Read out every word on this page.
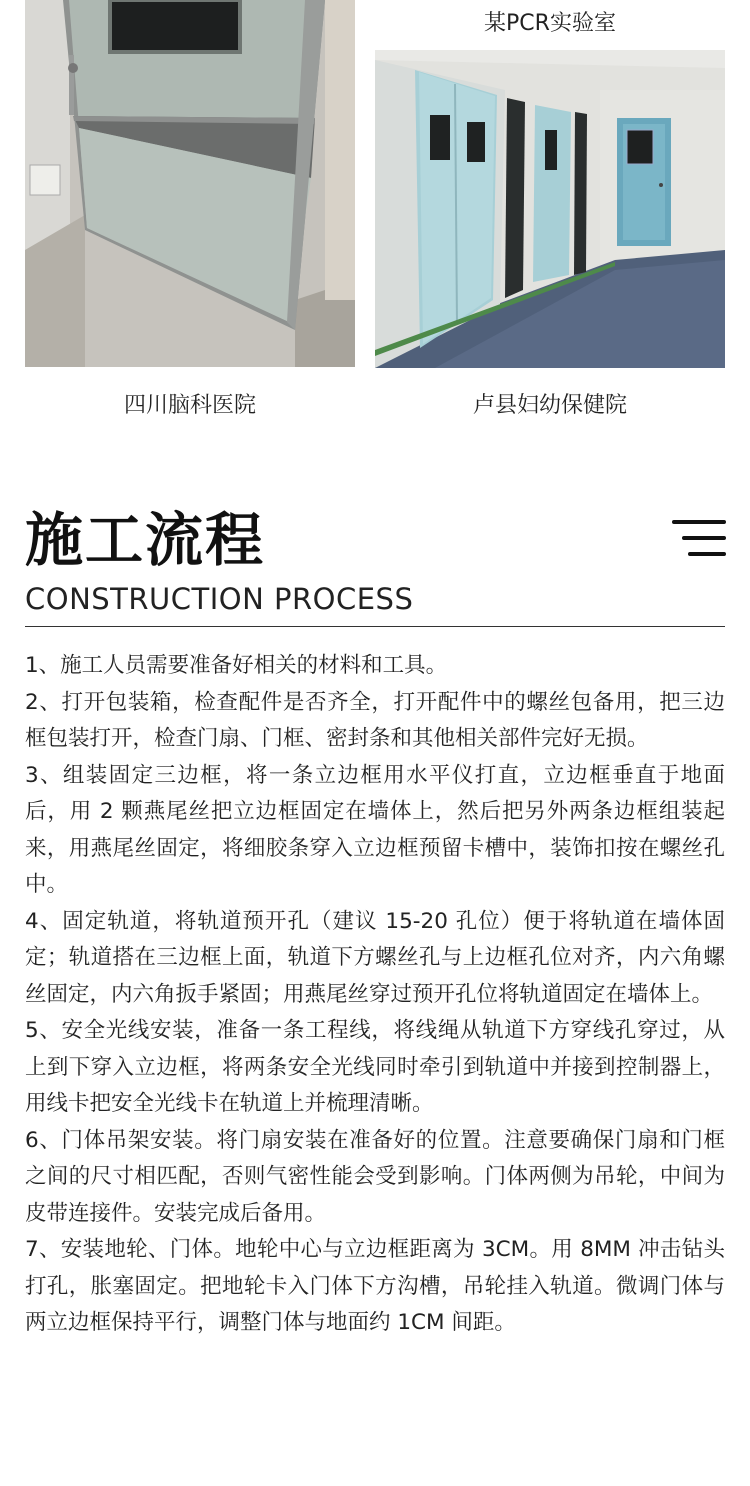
某PCR实验室
四川脑科医院	卢县妇幼保健院
施工流程
CONSTRUCTION PROCESS
1、施工人员需要准备好相关的材料和工具。
2、打开包装箱，检查配件是否齐全，打开配件中的螺丝包备用，把三边框包装打开，检查门扇、门框、密封条和其他相关部件完好无损。
3、组装固定三边框，将一条立边框用水平仪打直，立边框垂直于地面后，用 2 颗燕尾丝把立边框固定在墙体上，然后把另外两条边框组装起来，用燕尾丝固定，将细胶条穿入立边框预留卡槽中，装饰扣按在螺丝孔中。
4、固定轨道，将轨道预开孔（建议 15-20 孔位）便于将轨道在墙体固定；轨道搭在三边框上面，轨道下方螺丝孔与上边框孔位对齐，内六角螺丝固定，内六角扳手紧固；用燕尾丝穿过预开孔位将轨道固定在墙体上。
5、安全光线安装，准备一条工程线，将线绳从轨道下方穿线孔穿过，从上到下穿入立边框，将两条安全光线同时牵引到轨道中并接到控制器上，用线卡把安全光线卡在轨道上并梳理清晰。
6、门体吊架安装。将门扇安装在准备好的位置。注意要确保门扇和门框之间的尺寸相匹配，否则气密性能会受到影响。门体两侧为吊轮，中间为皮带连接件。安装完成后备用。
7、安装地轮、门体。地轮中心与立边框距离为 3CM。用 8MM 冲击钻头打孔，胀塞固定。把地轮卡入门体下方沟槽，吊轮挂入轨道。微调门体与两立边框保持平行，调整门体与地面约 1CM 间距。
